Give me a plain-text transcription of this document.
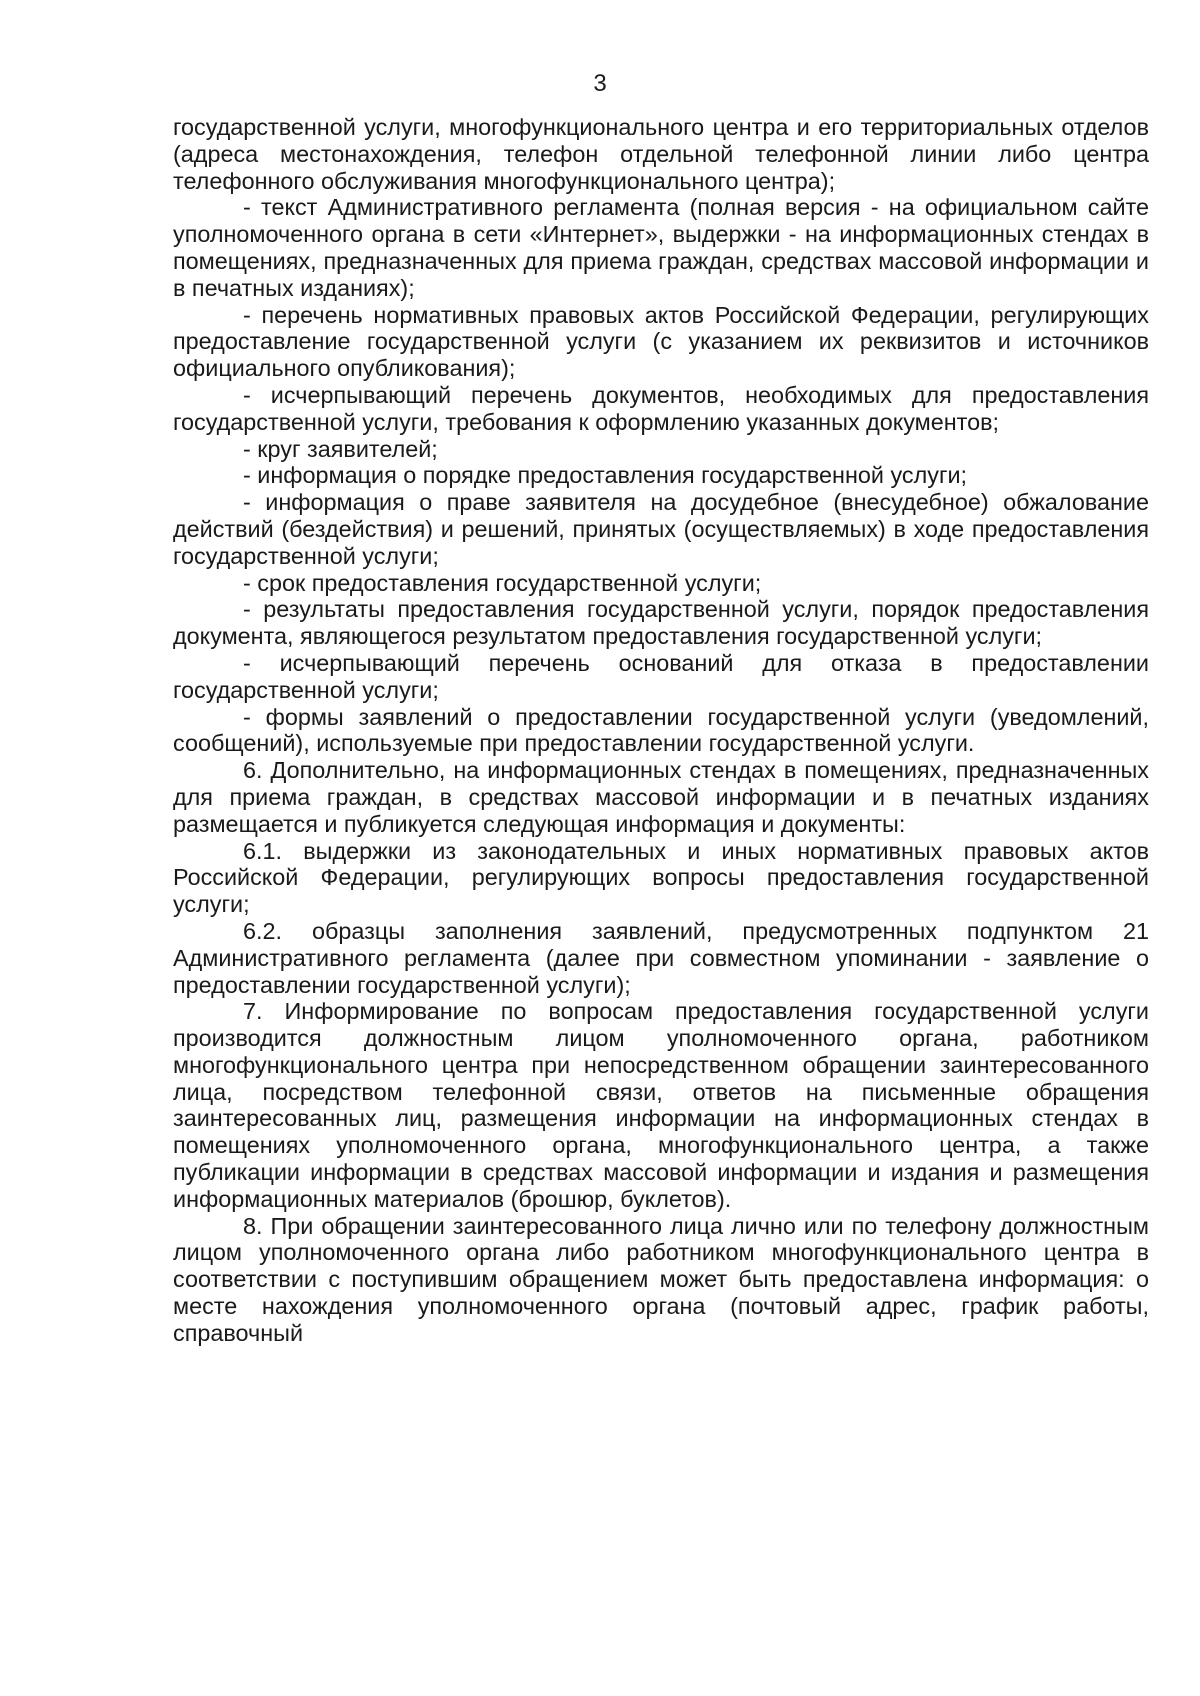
3

государственной услуги, многофункционального центра и его территориальных отделов (адреса местонахождения, телефон отдельной телефонной линии либо центра телефонного обслуживания многофункционального центра);

- текст Административного регламента (полная версия - на официальном сайте уполномоченного органа в сети «Интернет», выдержки - на информационных стендах в помещениях, предназначенных для приема граждан, средствах массовой информации и в печатных изданиях);

- перечень нормативных правовых актов Российской Федерации, регулирующих предоставление государственной услуги (с указанием их реквизитов и источников официального опубликования);

- исчерпывающий перечень документов, необходимых для предоставления государственной услуги, требования к оформлению указанных документов;

- круг заявителей;

- информация о порядке предоставления государственной услуги;

- информация о праве заявителя на досудебное (внесудебное) обжалование действий (бездействия) и решений, принятых (осуществляемых) в ходе предоставления государственной услуги;

- срок предоставления государственной услуги;

- результаты предоставления государственной услуги, порядок предоставления документа, являющегося результатом предоставления государственной услуги;

- исчерпывающий перечень оснований для отказа в предоставлении государственной услуги;

- формы заявлений о предоставлении государственной услуги (уведомлений, сообщений), используемые при предоставлении государственной услуги.

6. Дополнительно, на информационных стендах в помещениях, предназначенных для приема граждан, в средствах массовой информации и в печатных изданиях размещается и публикуется следующая информация и документы:

6.1. выдержки из законодательных и иных нормативных правовых актов Российской Федерации, регулирующих вопросы предоставления государственной услуги;

6.2. образцы заполнения заявлений, предусмотренных подпунктом 21 Административного регламента (далее при совместном упоминании - заявление о предоставлении государственной услуги);

7. Информирование по вопросам предоставления государственной услуги производится должностным лицом уполномоченного органа, работником многофункционального центра при непосредственном обращении заинтересованного лица, посредством телефонной связи, ответов на письменные обращения заинтересованных лиц, размещения информации на информационных стендах в помещениях уполномоченного органа, многофункционального центра, а также публикации информации в средствах массовой информации и издания и размещения информационных материалов (брошюр, буклетов).

8. При обращении заинтересованного лица лично или по телефону должностным лицом уполномоченного органа либо работником многофункционального центра в соответствии с поступившим обращением может быть предоставлена информация: о месте нахождения уполномоченного органа (почтовый адрес, график работы, справочный
